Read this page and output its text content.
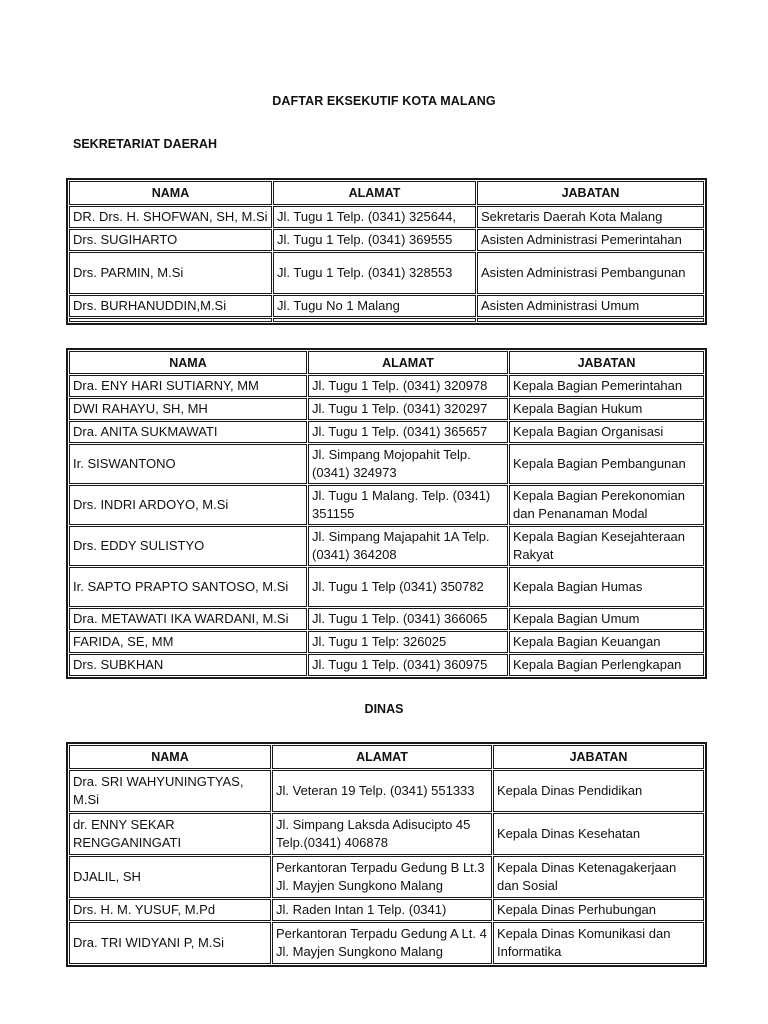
DAFTAR EKSEKUTIF KOTA MALANG
SEKRETARIAT DAERAH
NAMA	ALAMAT	JABATAN
DR. Drs. H. SHOFWAN, SH, M.Si	Jl. Tugu 1 Telp. (0341) 325644,	Sekretaris Daerah Kota Malang
Drs. SUGIHARTO	Jl. Tugu 1 Telp. (0341) 369555	Asisten Administrasi Pemerintahan
Drs. PARMIN, M.Si	Jl. Tugu 1 Telp. (0341) 328553	Asisten Administrasi Pembangunan
Drs. BURHANUDDIN,M.Si	Jl. Tugu No 1 Malang	Asisten Administrasi Umum

NAMA	ALAMAT	JABATAN
Dra. ENY HARI SUTIARNY, MM	Jl. Tugu 1 Telp. (0341) 320978	Kepala Bagian Pemerintahan
DWI RAHAYU, SH, MH	Jl. Tugu 1 Telp. (0341) 320297	Kepala Bagian Hukum
Dra. ANITA SUKMAWATI	Jl. Tugu 1 Telp. (0341) 365657	Kepala Bagian Organisasi
Ir. SISWANTONO	Jl. Simpang Mojopahit Telp. (0341) 324973	Kepala Bagian Pembangunan
Drs. INDRI ARDOYO, M.Si	Jl. Tugu 1 Malang. Telp. (0341) 351155	Kepala Bagian Perekonomian dan Penanaman Modal
Drs. EDDY SULISTYO	Jl. Simpang Majapahit 1A Telp. (0341) 364208	Kepala Bagian Kesejahteraan Rakyat
Ir. SAPTO PRAPTO SANTOSO, M.Si	Jl. Tugu 1 Telp (0341) 350782	Kepala Bagian Humas
Dra. METAWATI IKA WARDANI, M.Si	Jl. Tugu 1 Telp. (0341) 366065	Kepala Bagian Umum
FARIDA, SE, MM	Jl. Tugu 1 Telp: 326025	Kepala Bagian Keuangan
Drs. SUBKHAN	Jl. Tugu 1 Telp. (0341) 360975	Kepala Bagian Perlengkapan
DINAS
NAMA	ALAMAT	JABATAN
Dra. SRI WAHYUNINGTYAS, M.Si	Jl. Veteran 19 Telp. (0341) 551333	Kepala Dinas Pendidikan
dr. ENNY SEKAR RENGGANINGATI	Jl. Simpang Laksda Adisucipto 45 Telp.(0341) 406878	Kepala Dinas Kesehatan
DJALIL, SH	Perkantoran Terpadu Gedung B Lt.3 Jl. Mayjen Sungkono Malang	Kepala Dinas Ketenagakerjaan dan Sosial
Drs. H. M. YUSUF, M.Pd	Jl. Raden Intan 1 Telp. (0341)	Kepala Dinas Perhubungan
Dra. TRI WIDYANI P, M.Si	Perkantoran Terpadu Gedung A Lt. 4 Jl. Mayjen Sungkono Malang	Kepala Dinas Komunikasi dan Informatika
